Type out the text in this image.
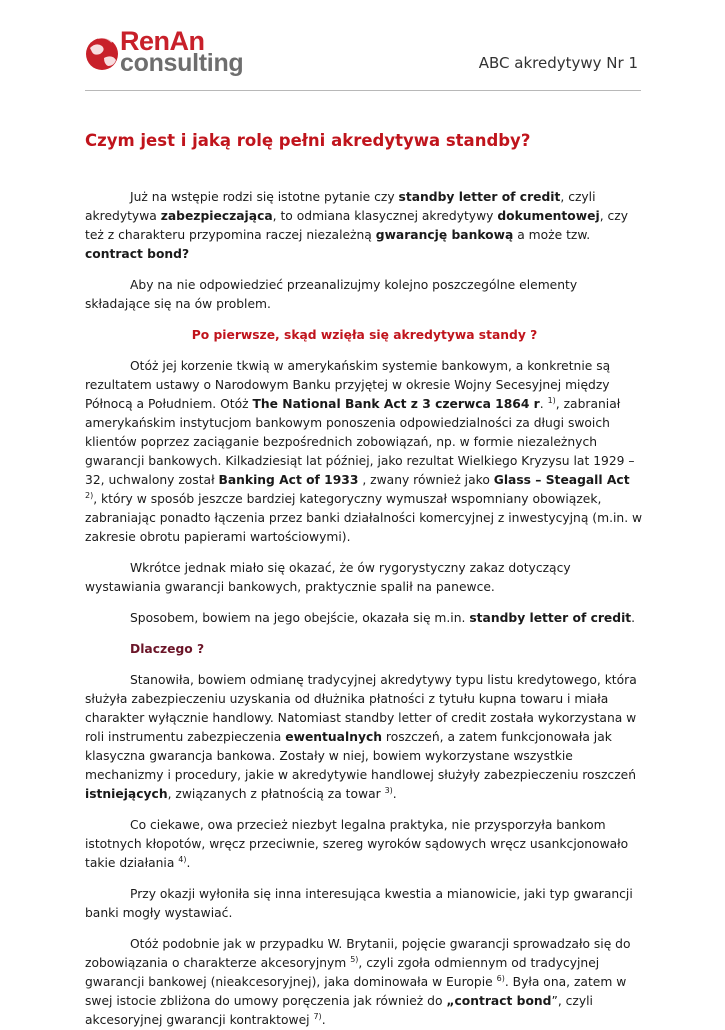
RenAn
consulting	ABC akredytywy Nr 1
Czym jest i jaką rolę pełni akredytywa standby?

Już na wstępie rodzi się istotne pytanie czy standby letter of credit, czyli akredytywa zabezpieczająca, to odmiana klasycznej akredytywy dokumentowej, czy też z charakteru przypomina raczej niezależną gwarancję bankową a może tzw. contract bond?

Aby na nie odpowiedzieć przeanalizujmy kolejno poszczególne elementy składające się na ów problem.

Po pierwsze, skąd wzięła się akredytywa standy ?

Otóż jej korzenie tkwią w amerykańskim systemie bankowym, a konkretnie są rezultatem ustawy o Narodowym Banku przyjętej w okresie Wojny Secesyjnej między Północą a Południem. Otóż The National Bank Act z 3 czerwca 1864 r. $^{1)}$, zabraniał amerykańskim instytucjom bankowym ponoszenia odpowiedzialności za długi swoich klientów poprzez zaciąganie bezpośrednich zobowiązań, np. w formie niezależnych gwarancji bankowych. Kilkadziesiąt lat później, jako rezultat Wielkiego Kryzysu lat 1929 – 32, uchwalony został Banking Act of 1933 , zwany również jako Glass – Steagall Act $^{2)}$, który w sposób jeszcze bardziej kategoryczny wymuszał wspomniany obowiązek, zabraniając ponadto łączenia przez banki działalności komercyjnej z inwestycyjną (m.in. w zakresie obrotu papierami wartościowymi).

Wkrótce jednak miało się okazać, że ów rygorystyczny zakaz dotyczący wystawiania gwarancji bankowych, praktycznie spalił na panewce.

Sposobem, bowiem na jego obejście, okazała się m.in. standby letter of credit.

Dlaczego ?

Stanowiła, bowiem odmianę tradycyjnej akredytywy typu listu kredytowego, która służyła zabezpieczeniu uzyskania od dłużnika płatności z tytułu kupna towaru i miała charakter wyłącznie handlowy. Natomiast standby letter of credit została wykorzystana w roli instrumentu zabezpieczenia ewentualnych roszczeń, a zatem funkcjonowała jak klasyczna gwarancja bankowa. Zostały w niej, bowiem wykorzystane wszystkie mechanizmy i procedury, jakie w akredytywie handlowej służyły zabezpieczeniu roszczeń istniejących, związanych z płatnością za towar $^{3)}$.

Co ciekawe, owa przecież niezbyt legalna praktyka, nie przysporzyła bankom istotnych kłopotów, wręcz przeciwnie, szereg wyroków sądowych wręcz usankcjonowało takie działania $^{4)}$.

Przy okazji wyłoniła się inna interesująca kwestia a mianowicie, jaki typ gwarancji banki mogły wystawiać.

Otóż podobnie jak w przypadku W. Brytanii, pojęcie gwarancji sprowadzało się do zobowiązania o charakterze akcesoryjnym $^{5)}$, czyli zgoła odmiennym od tradycyjnej gwarancji bankowej (nieakcesoryjnej), jaka dominowała w Europie $^{6)}$. Była ona, zatem w swej istocie zbliżona do umowy poręczenia jak również do „contract bond”, czyli akcesoryjnej gwarancji kontraktowej $^{7)}$.
